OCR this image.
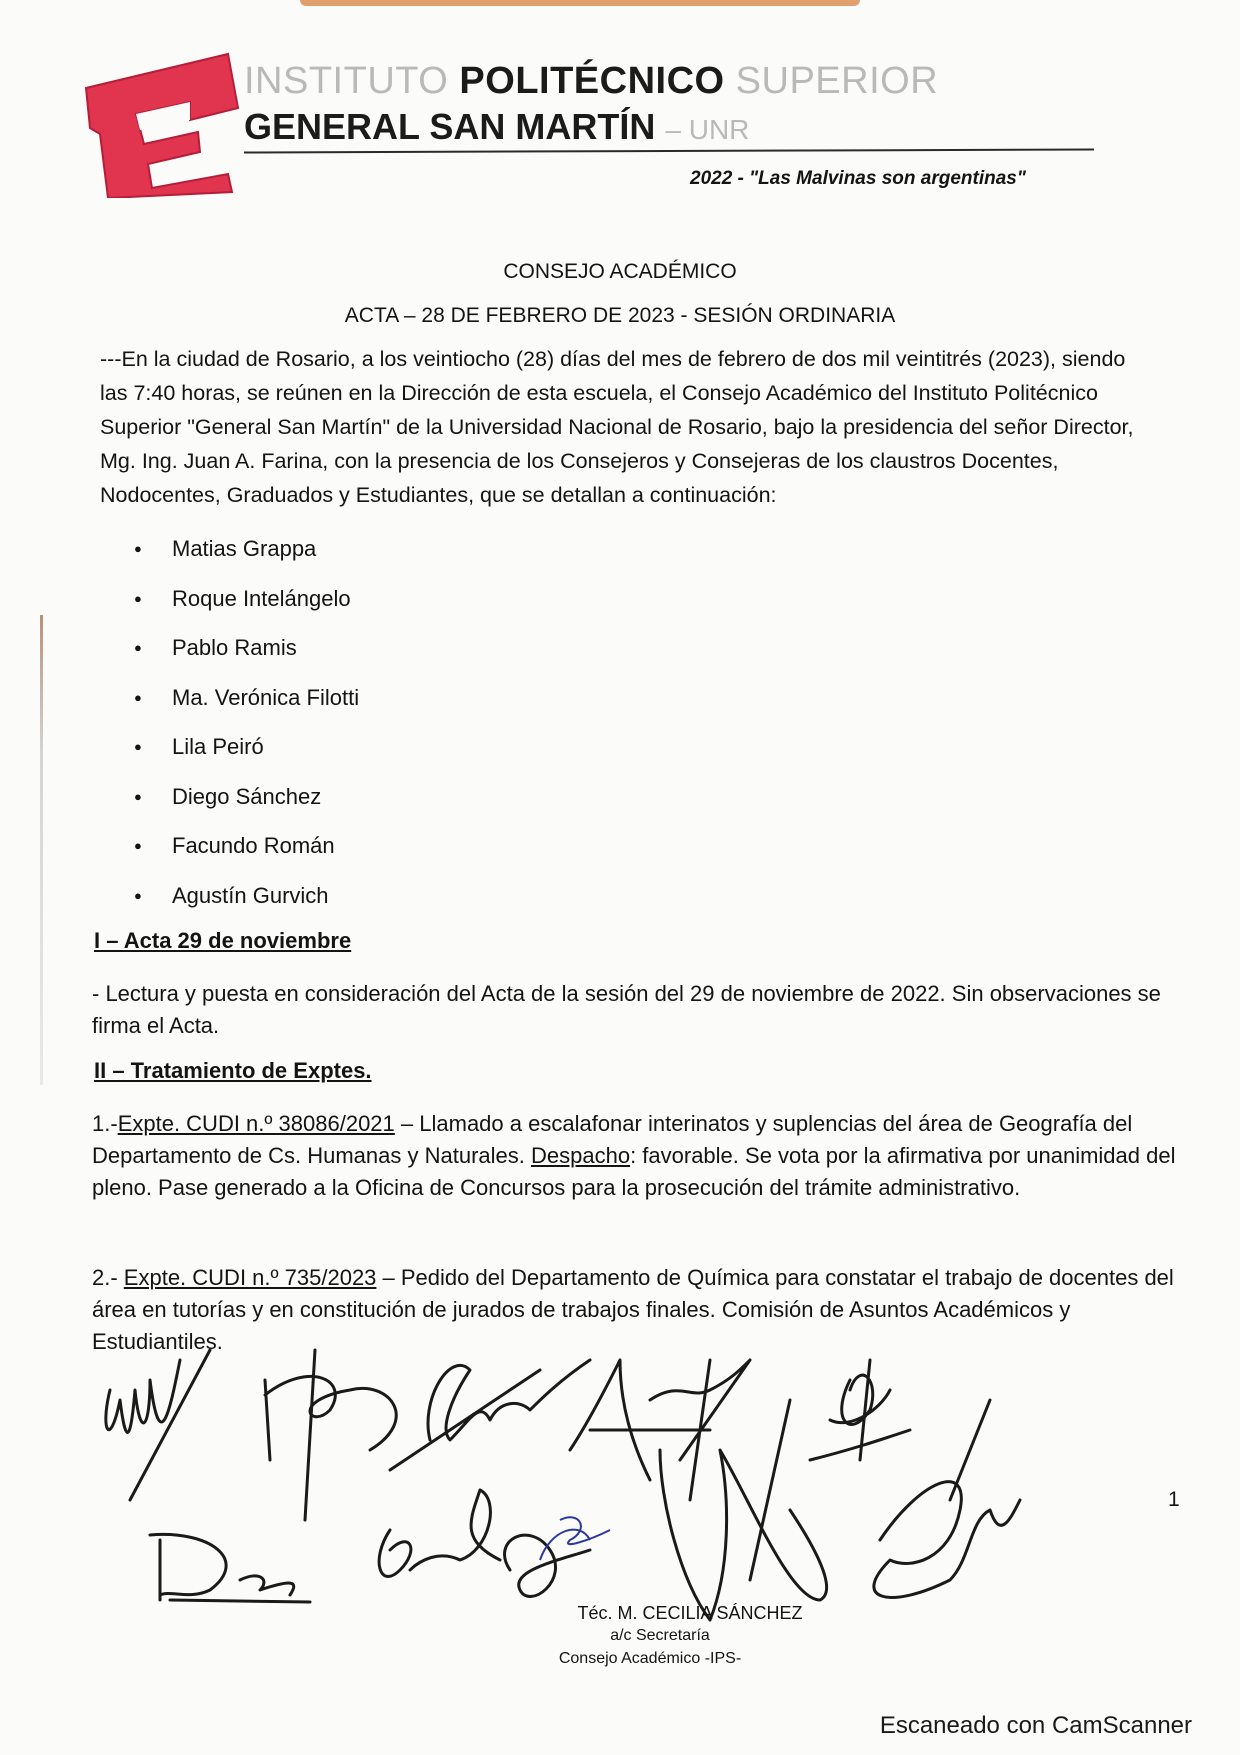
INSTITUTO POLITÉCNICO SUPERIOR
GENERAL SAN MARTÍN – UNR
2022 - "Las Malvinas son argentinas"
CONSEJO ACADÉMICO
ACTA – 28 DE FEBRERO DE 2023 - SESIÓN ORDINARIA
---En la ciudad de Rosario, a los veintiocho (28) días del mes de febrero de dos mil veintitrés (2023), siendo las 7:40 horas, se reúnen en la Dirección de esta escuela, el Consejo Académico del Instituto Politécnico Superior "General San Martín" de la Universidad Nacional de Rosario, bajo la presidencia del señor Director, Mg. Ing. Juan A. Farina, con la presencia de los Consejeros y Consejeras de los claustros Docentes, Nodocentes, Graduados y Estudiantes, que se detallan a continuación:
● Matias Grappa
● Roque Intelángelo
● Pablo Ramis
● Ma. Verónica Filotti
● Lila Peiró
● Diego Sánchez
● Facundo Román
● Agustín Gurvich
I – Acta 29 de noviembre
- Lectura y puesta en consideración del Acta de la sesión del 29 de noviembre de 2022. Sin observaciones se firma el Acta.
II – Tratamiento de Exptes.
1.-Expte. CUDI n.º 38086/2021 – Llamado a escalafonar interinatos y suplencias del área de Geografía del Departamento de Cs. Humanas y Naturales. Despacho: favorable. Se vota por la afirmativa por unanimidad del pleno. Pase generado a la Oficina de Concursos para la prosecución del trámite administrativo.
2.- Expte. CUDI n.º 735/2023 – Pedido del Departamento de Química para constatar el trabajo de docentes del área en tutorías y en constitución de jurados de trabajos finales. Comisión de Asuntos Académicos y Estudiantiles.
1
Téc. M. CECILIA SÁNCHEZ
a/c Secretaría
Consejo Académico -IPS-
Escaneado con CamScanner
